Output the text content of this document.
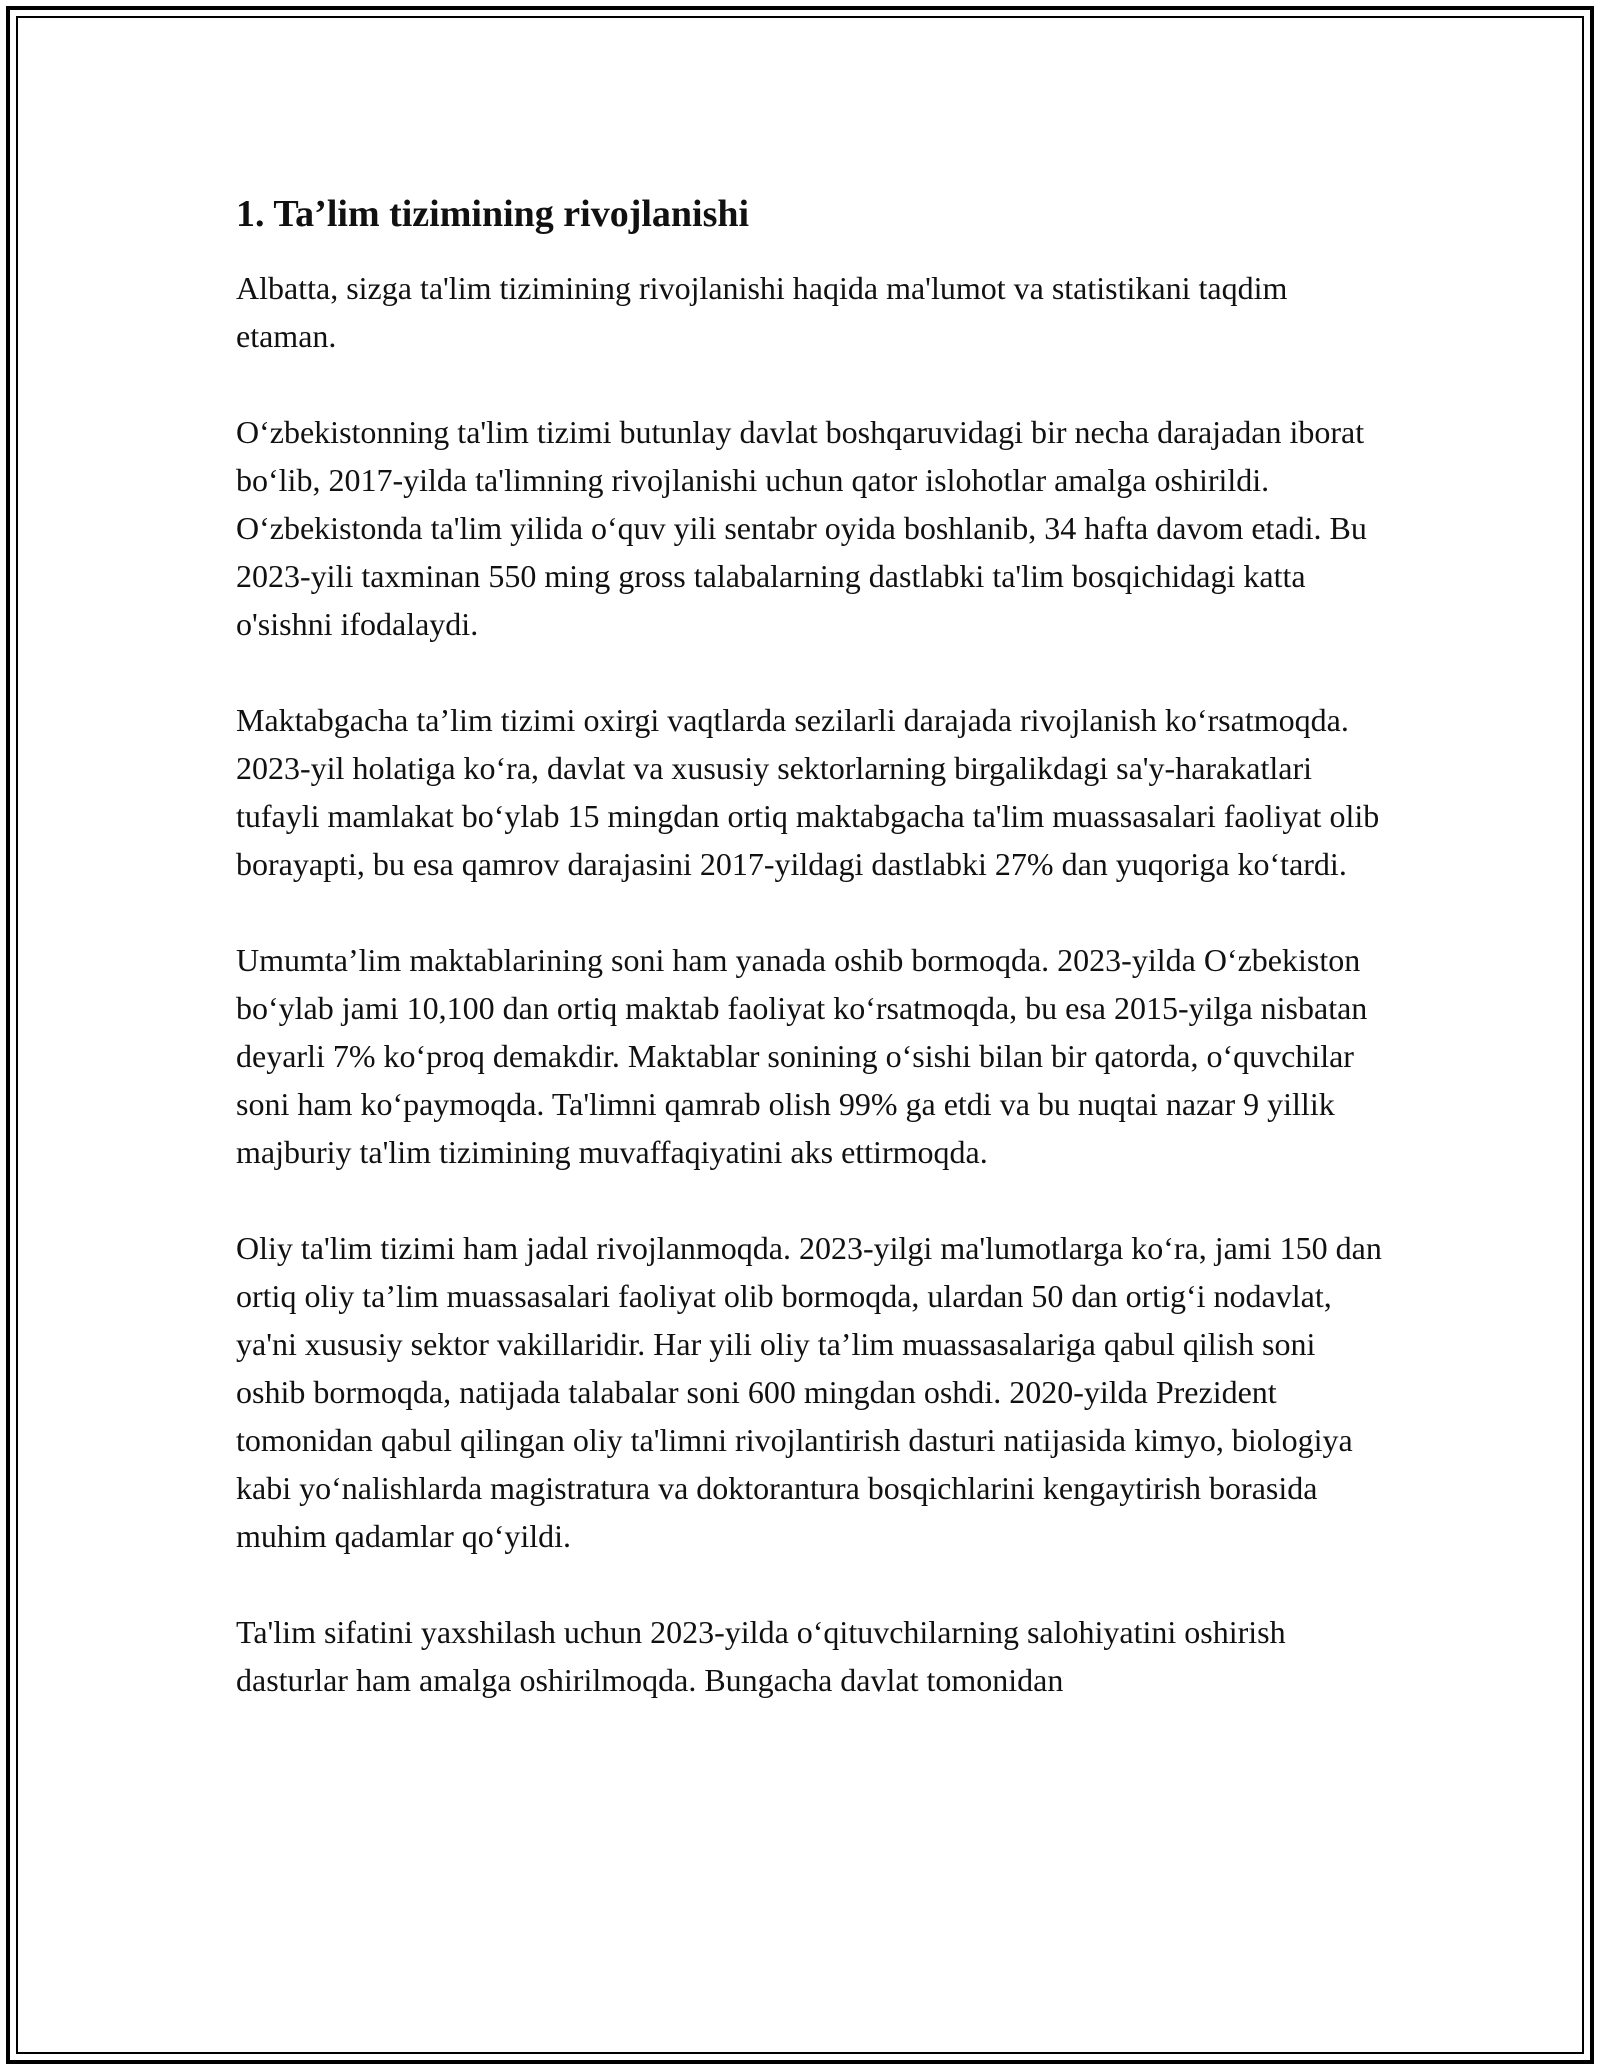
1. Ta’lim tizimining rivojlanishi

Albatta, sizga ta'lim tizimining rivojlanishi haqida ma'lumot va statistikani taqdim etaman.

O‘zbekistonning ta'lim tizimi butunlay davlat boshqaruvidagi bir necha darajadan iborat bo‘lib, 2017-yilda ta'limning rivojlanishi uchun qator islohotlar amalga oshirildi. O‘zbekistonda ta'lim yilida o‘quv yili sentabr oyida boshlanib, 34 hafta davom etadi. Bu 2023-yili taxminan 550 ming gross talabalarning dastlabki ta'lim bosqichidagi katta o'sishni ifodalaydi.

Maktabgacha ta’lim tizimi oxirgi vaqtlarda sezilarli darajada rivojlanish ko‘rsatmoqda. 2023-yil holatiga ko‘ra, davlat va xususiy sektorlarning birgalikdagi sa'y-harakatlari tufayli mamlakat bo‘ylab 15 mingdan ortiq maktabgacha ta'lim muassasalari faoliyat olib borayapti, bu esa qamrov darajasini 2017-yildagi dastlabki 27% dan yuqoriga ko‘tardi.

Umumta’lim maktablarining soni ham yanada oshib bormoqda. 2023-yilda O‘zbekiston bo‘ylab jami 10,100 dan ortiq maktab faoliyat ko‘rsatmoqda, bu esa 2015-yilga nisbatan deyarli 7% ko‘proq demakdir. Maktablar sonining o‘sishi bilan bir qatorda, o‘quvchilar soni ham ko‘paymoqda. Ta'limni qamrab olish 99% ga etdi va bu nuqtai nazar 9 yillik majburiy ta'lim tizimining muvaffaqiyatini aks ettirmoqda.

Oliy ta'lim tizimi ham jadal rivojlanmoqda. 2023-yilgi ma'lumotlarga ko‘ra, jami 150 dan ortiq oliy ta’lim muassasalari faoliyat olib bormoqda, ulardan 50 dan ortig‘i nodavlat, ya'ni xususiy sektor vakillaridir. Har yili oliy ta’lim muassasalariga qabul qilish soni oshib bormoqda, natijada talabalar soni 600 mingdan oshdi. 2020-yilda Prezident tomonidan qabul qilingan oliy ta'limni rivojlantirish dasturi natijasida kimyo, biologiya kabi yo‘nalishlarda magistratura va doktorantura bosqichlarini kengaytirish borasida muhim qadamlar qo‘yildi.

Ta'lim sifatini yaxshilash uchun 2023-yilda o‘qituvchilarning salohiyatini oshirish dasturlar ham amalga oshirilmoqda. Bungacha davlat tomonidan
